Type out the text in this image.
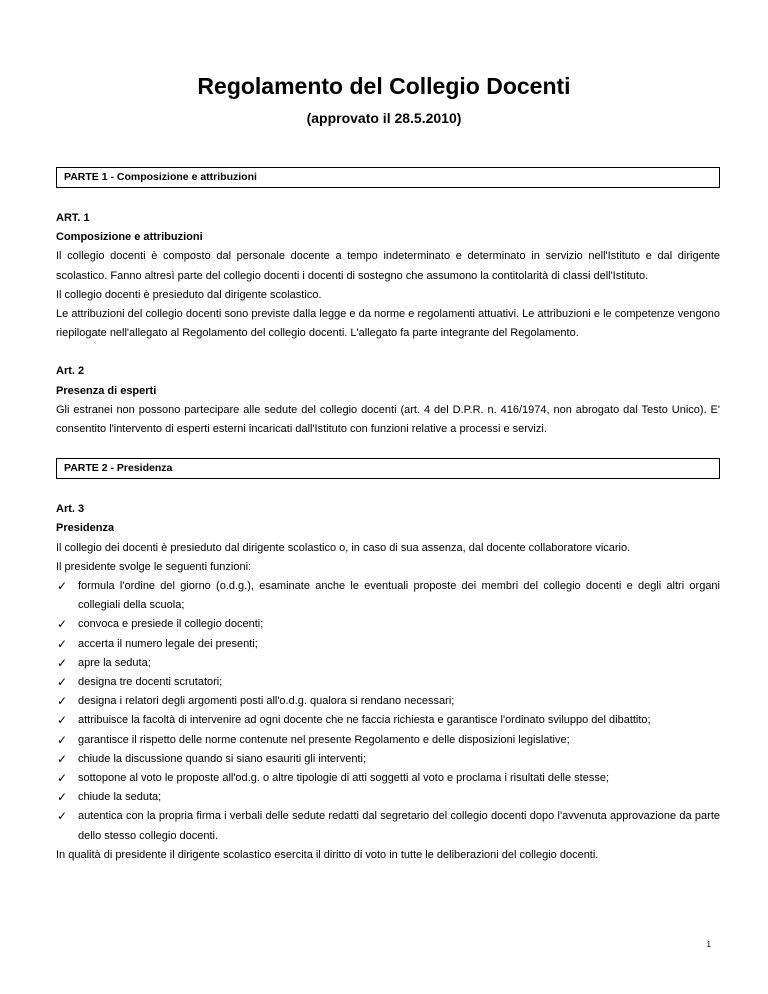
Regolamento del Collegio Docenti
(approvato il 28.5.2010)
PARTE 1 - Composizione e attribuzioni

ART. 1

Composizione e attribuzioni

Il collegio docenti è composto dal personale docente a tempo indeterminato e determinato in servizio nell'Istituto e dal dirigente scolastico. Fanno altresì parte del collegio docenti i docenti di sostegno che assumono la contitolarità di classi dell'Istituto.

Il collegio docenti è presieduto dal dirigente scolastico.

Le attribuzioni del collegio docenti sono previste dalla legge e da norme e regolamenti attuativi. Le attribuzioni e le competenze vengono riepilogate nell'allegato al Regolamento del collegio docenti. L'allegato fa parte integrante del Regolamento.

Art. 2

Presenza di esperti

Gli estranei non possono partecipare alle sedute del collegio docenti (art. 4 del D.P.R. n. 416/1974, non abrogato dal Testo Unico). E' consentito l'intervento di esperti esterni incaricati dall'Istituto con funzioni relative a processi e servizi.

PARTE 2 - Presidenza

Art. 3

Presidenza

Il collegio dei docenti è presieduto dal dirigente scolastico o, in caso di sua assenza, dal docente collaboratore vicario.

Il presidente svolge le seguenti funzioni:

✓ formula l'ordine del giorno (o.d.g.), esaminate anche le eventuali proposte dei membri del collegio docenti e degli altri organi collegiali della scuola;
✓ convoca e presiede il collegio docenti;
✓ accerta il numero legale dei presenti;
✓ apre la seduta;
✓ designa tre docenti scrutatori;
✓ designa i relatori degli argomenti posti all'o.d.g. qualora si rendano necessari;
✓ attribuisce la facoltà di intervenire ad ogni docente che ne faccia richiesta e garantisce l'ordinato sviluppo del dibattito;
✓ garantisce il rispetto delle norme contenute nel presente Regolamento e delle disposizioni legislative;
✓ chiude la discussione quando si siano esauriti gli interventi;
✓ sottopone al voto le proposte all'od.g. o altre tipologie di atti soggetti al voto e proclama i risultati delle stesse;
✓ chiude la seduta;
✓ autentica con la propria firma i verbali delle sedute redatti dal segretario del collegio docenti dopo l'avvenuta approvazione da parte dello stesso collegio docenti.

In qualità di presidente il dirigente scolastico esercita il diritto di voto in tutte le deliberazioni del collegio docenti.

1
